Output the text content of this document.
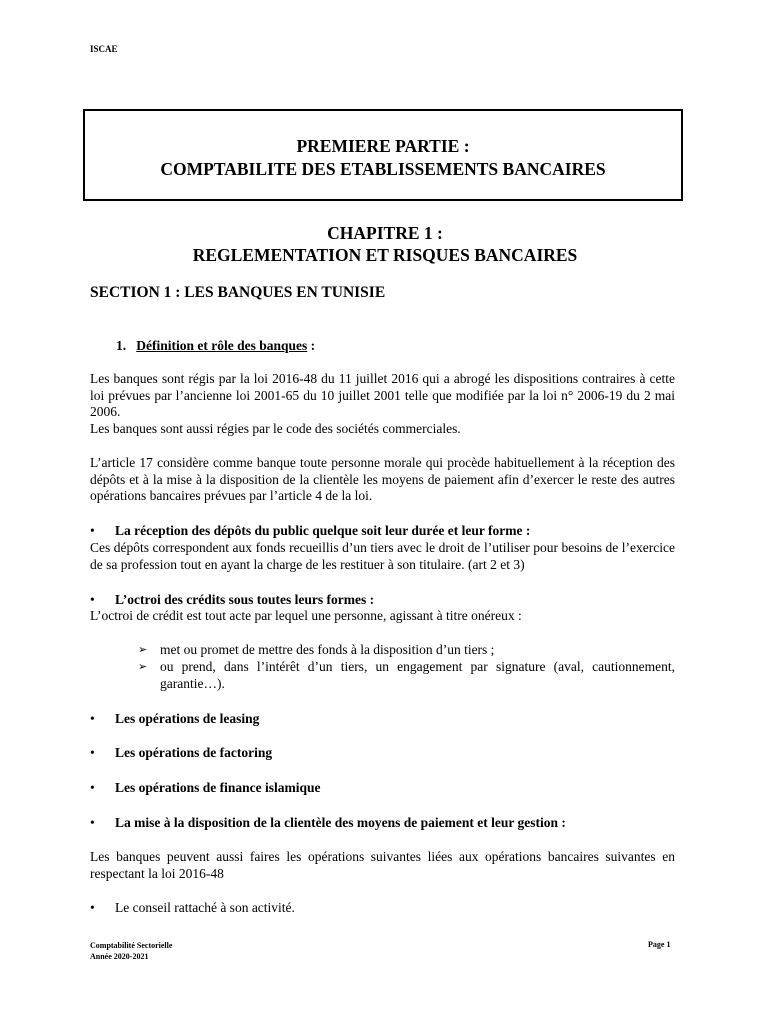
ISCAE
PREMIERE PARTIE :
COMPTABILITE DES ETABLISSEMENTS BANCAIRES
CHAPITRE 1 :
REGLEMENTATION ET RISQUES BANCAIRES
SECTION 1 : LES BANQUES EN TUNISIE
1. Définition et rôle des banques :

Les banques sont régis par la loi 2016-48 du 11 juillet 2016 qui a abrogé les dispositions contraires à cette loi prévues par l’ancienne loi 2001-65 du 10 juillet 2001 telle que modifiée par la loi n° 2006-19 du 2 mai 2006.

Les banques sont aussi régies par le code des sociétés commerciales.

L’article 17 considère comme banque toute personne morale qui procède habituellement à la réception des dépôts et à la mise à la disposition de la clientèle les moyens de paiement afin d’exercer le reste des autres opérations bancaires prévues par l’article 4 de la loi.
• La réception des dépôts du public quelque soit leur durée et leur forme :
Ces dépôts correspondent aux fonds recueillis d’un tiers avec le droit de l’utiliser pour besoins de l’exercice de sa profession tout en ayant la charge de les restituer à son titulaire. (art 2 et 3)
• L’octroi des crédits sous toutes leurs formes :
L’octroi de crédit est tout acte par lequel une personne, agissant à titre onéreux :
➢ met ou promet de mettre des fonds à la disposition d’un tiers ;
➢ ou prend, dans l’intérêt d’un tiers, un engagement par signature (aval, cautionnement, garantie…).
• Les opérations de leasing
• Les opérations de factoring
• Les opérations de finance islamique
• La mise à la disposition de la clientèle des moyens de paiement et leur gestion :
Les banques peuvent aussi faires les opérations suivantes liées aux opérations bancaires suivantes en respectant la loi 2016-48
• Le conseil rattaché à son activité.
Comptabilité Sectorielle
Année 2020-2021
Page 1
